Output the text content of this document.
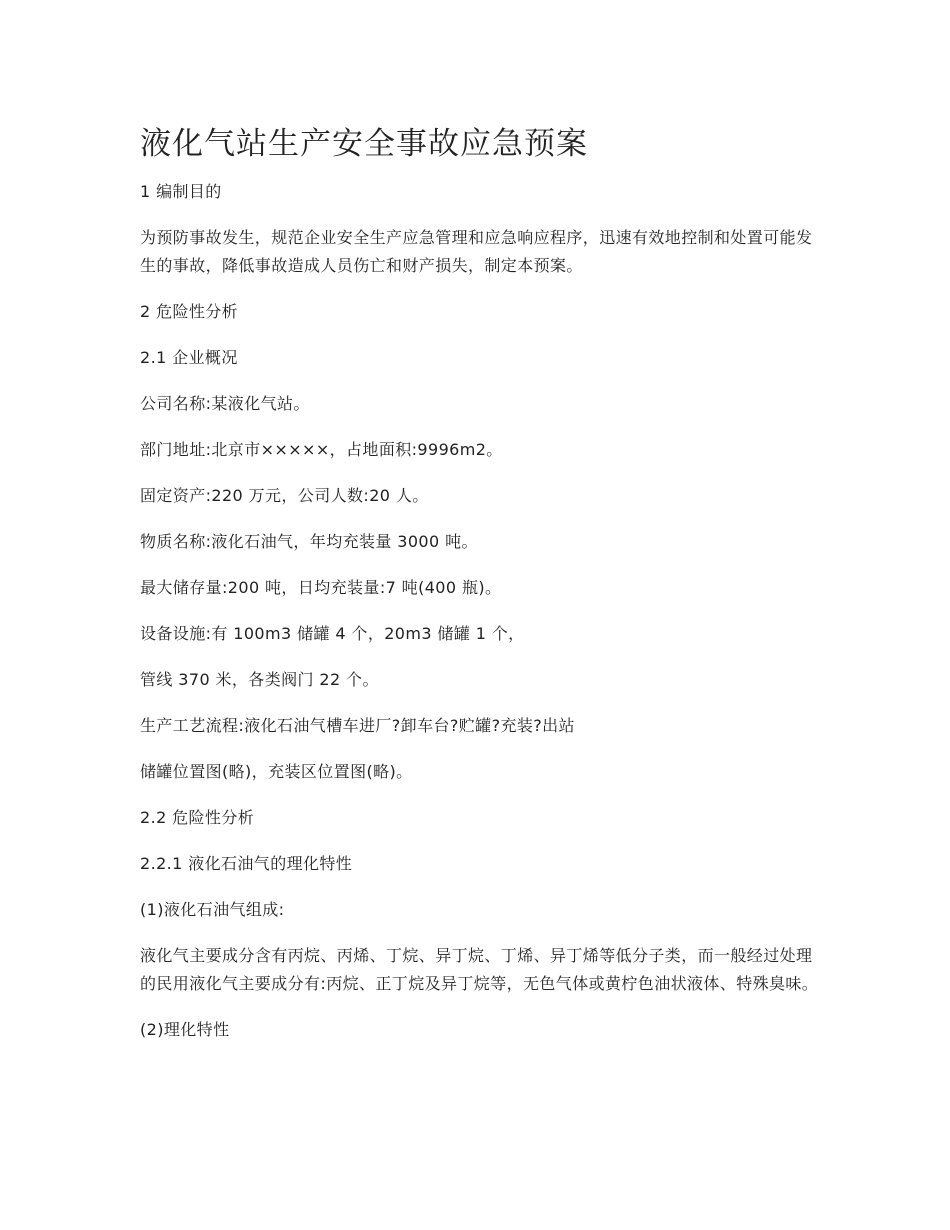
液化气站生产安全事故应急预案

1 编制目的

为预防事故发生，规范企业安全生产应急管理和应急响应程序，迅速有效地控制和处置可能发生的事故，降低事故造成人员伤亡和财产损失，制定本预案。

2 危险性分析

2.1 企业概况

公司名称:某液化气站。

部门地址:北京市×××××，占地面积:9996m2。

固定资产:220 万元，公司人数:20 人。

物质名称:液化石油气，年均充装量 3000 吨。

最大储存量:200 吨，日均充装量:7 吨(400 瓶)。

设备设施:有 100m3 储罐 4 个，20m3 储罐 1 个，

管线 370 米，各类阀门 22 个。

生产工艺流程:液化石油气槽车进厂?卸车台?贮罐?充装?出站

储罐位置图(略)，充装区位置图(略)。

2.2 危险性分析

2.2.1 液化石油气的理化特性

(1)液化石油气组成:

液化气主要成分含有丙烷、丙烯、丁烷、异丁烷、丁烯、异丁烯等低分子类，而一般经过处理的民用液化气主要成分有:丙烷、正丁烷及异丁烷等，无色气体或黄柠色油状液体、特殊臭味。

(2)理化特性
